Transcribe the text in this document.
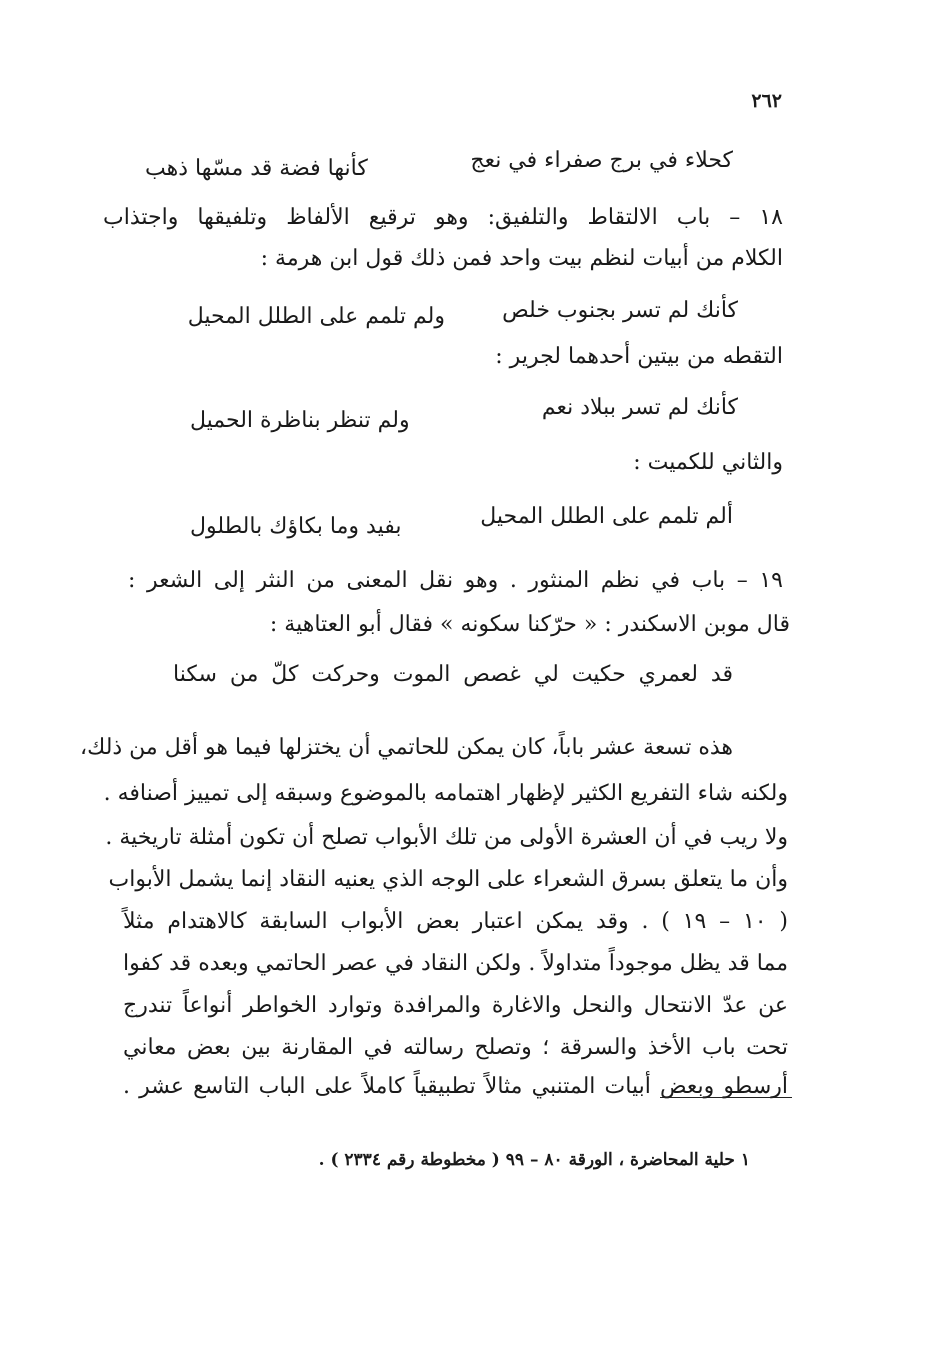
٢٦٢
كحلاء في برج صفراء في نعج
كأنها فضة قد مسّها ذهب
١٨ – باب الالتقاط والتلفيق: وهو ترقيع الألفاظ وتلفيقها واجتذاب
الكلام من أبيات لنظم بيت واحد فمن ذلك قول ابن هرمة :
كأنك لم تسر بجنوب خلص
ولم تلمم على الطلل المحيل
التقطه من بيتين أحدهما لجرير :
كأنك لم تسر ببلاد نعم
ولم تنظر بناظرة الحميل
والثاني للكميت :
ألم تلمم على الطلل المحيل
بفيد وما بكاؤك بالطلول
١٩ – باب في نظم المنثور . وهو نقل المعنى من النثر إلى الشعر :
قال موبن الاسكندر : « حرّكنا سكونه » فقال أبو العتاهية :
قد لعمري حكيت لي غصص الموت وحركت كلّ من سكنا
هذه تسعة عشر باباً، كان يمكن للحاتمي أن يختزلها فيما هو أقل من ذلك،
ولكنه شاء التفريع الكثير لإظهار اهتمامه بالموضوع وسبقه إلى تمييز أصنافه .
ولا ريب في أن العشرة الأولى من تلك الأبواب تصلح أن تكون أمثلة تاريخية .
وأن ما يتعلق بسرق الشعراء على الوجه الذي يعنيه النقاد إنما يشمل الأبواب
( ١٠ – ١٩ ) . وقد يمكن اعتبار بعض الأبواب السابقة كالاهتدام مثلاً
مما قد يظل موجوداً متداولاً . ولكن النقاد في عصر الحاتمي وبعده قد كفوا
عن عدّ الانتحال والنحل والاغارة والمرافدة وتوارد الخواطر أنواعاً تندرج
تحت باب الأخذ والسرقة ؛ وتصلح رسالته في المقارنة بين بعض معاني
أرسطو وبعض أبيات المتنبي مثالاً تطبيقياً كاملاً على الباب التاسع عشر .
١ حلية المحاضرة ، الورقة ٨٠ – ٩٩ ( مخطوطة رقم ٢٣٣٤ ) .
